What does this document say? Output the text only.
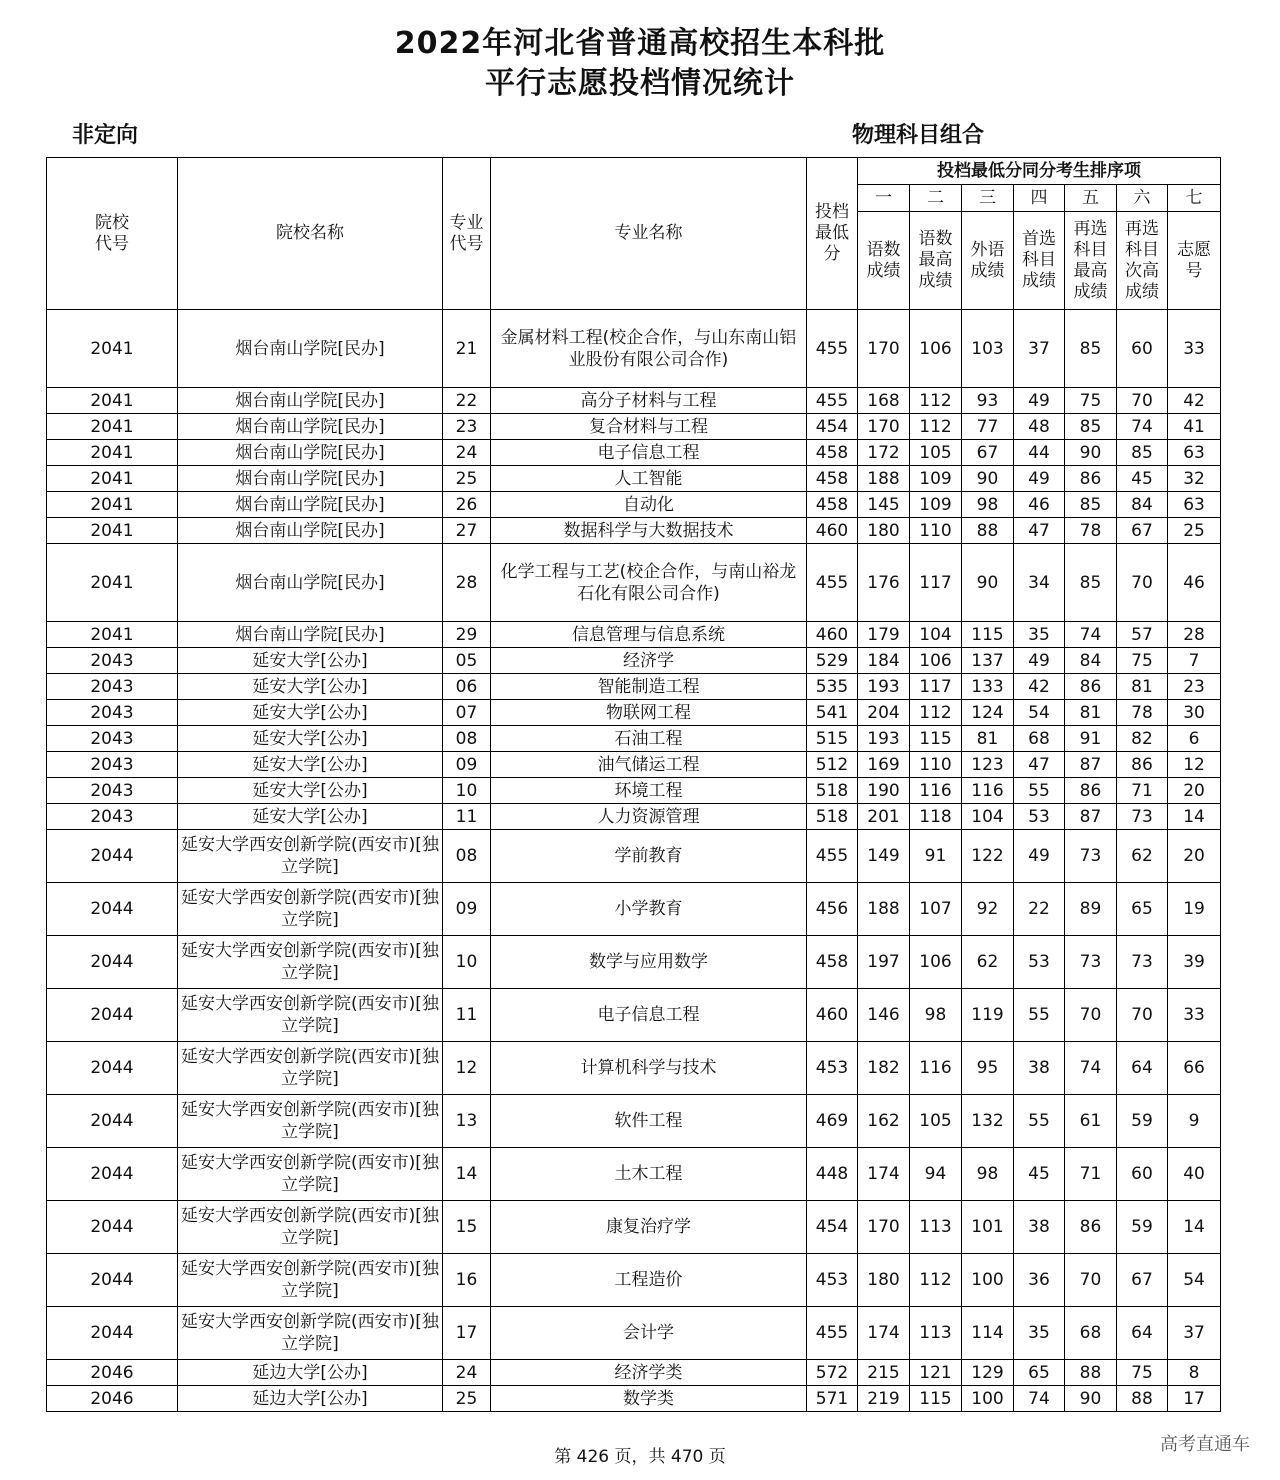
2022年河北省普通高校招生本科批
平行志愿投档情况统计
非定向	物理科目组合
院校代号	院校名称	专业代号	专业名称	投档最低分	投档最低分同分考生排序项						
					一	二	三	四	五	六	七
					语数成绩	语数最高成绩	外语成绩	首选科目成绩	再选科目最高成绩	再选科目次高成绩	志愿号
2041	烟台南山学院[民办]	21	金属材料工程(校企合作，与山东南山铝业股份有限公司合作)	455	170	106	103	37	85	60	33
2041	烟台南山学院[民办]	22	高分子材料与工程	455	168	112	93	49	75	70	42
2041	烟台南山学院[民办]	23	复合材料与工程	454	170	112	77	48	85	74	41
2041	烟台南山学院[民办]	24	电子信息工程	458	172	105	67	44	90	85	63
2041	烟台南山学院[民办]	25	人工智能	458	188	109	90	49	86	45	32
2041	烟台南山学院[民办]	26	自动化	458	145	109	98	46	85	84	63
2041	烟台南山学院[民办]	27	数据科学与大数据技术	460	180	110	88	47	78	67	25
2041	烟台南山学院[民办]	28	化学工程与工艺(校企合作，与南山裕龙石化有限公司合作)	455	176	117	90	34	85	70	46
2041	烟台南山学院[民办]	29	信息管理与信息系统	460	179	104	115	35	74	57	28
2043	延安大学[公办]	05	经济学	529	184	106	137	49	84	75	7
2043	延安大学[公办]	06	智能制造工程	535	193	117	133	42	86	81	23
2043	延安大学[公办]	07	物联网工程	541	204	112	124	54	81	78	30
2043	延安大学[公办]	08	石油工程	515	193	115	81	68	91	82	6
2043	延安大学[公办]	09	油气储运工程	512	169	110	123	47	87	86	12
2043	延安大学[公办]	10	环境工程	518	190	116	116	55	86	71	20
2043	延安大学[公办]	11	人力资源管理	518	201	118	104	53	87	73	14
2044	延安大学西安创新学院(西安市)[独立学院]	08	学前教育	455	149	91	122	49	73	62	20
2044	延安大学西安创新学院(西安市)[独立学院]	09	小学教育	456	188	107	92	22	89	65	19
2044	延安大学西安创新学院(西安市)[独立学院]	10	数学与应用数学	458	197	106	62	53	73	73	39
2044	延安大学西安创新学院(西安市)[独立学院]	11	电子信息工程	460	146	98	119	55	70	70	33
2044	延安大学西安创新学院(西安市)[独立学院]	12	计算机科学与技术	453	182	116	95	38	74	64	66
2044	延安大学西安创新学院(西安市)[独立学院]	13	软件工程	469	162	105	132	55	61	59	9
2044	延安大学西安创新学院(西安市)[独立学院]	14	土木工程	448	174	94	98	45	71	60	40
2044	延安大学西安创新学院(西安市)[独立学院]	15	康复治疗学	454	170	113	101	38	86	59	14
2044	延安大学西安创新学院(西安市)[独立学院]	16	工程造价	453	180	112	100	36	70	67	54
2044	延安大学西安创新学院(西安市)[独立学院]	17	会计学	455	174	113	114	35	68	64	37
2046	延边大学[公办]	24	经济学类	572	215	121	129	65	88	75	8
2046	延边大学[公办]	25	数学类	571	219	115	100	74	90	88	17
第 426 页，共 470 页
高考直通车
